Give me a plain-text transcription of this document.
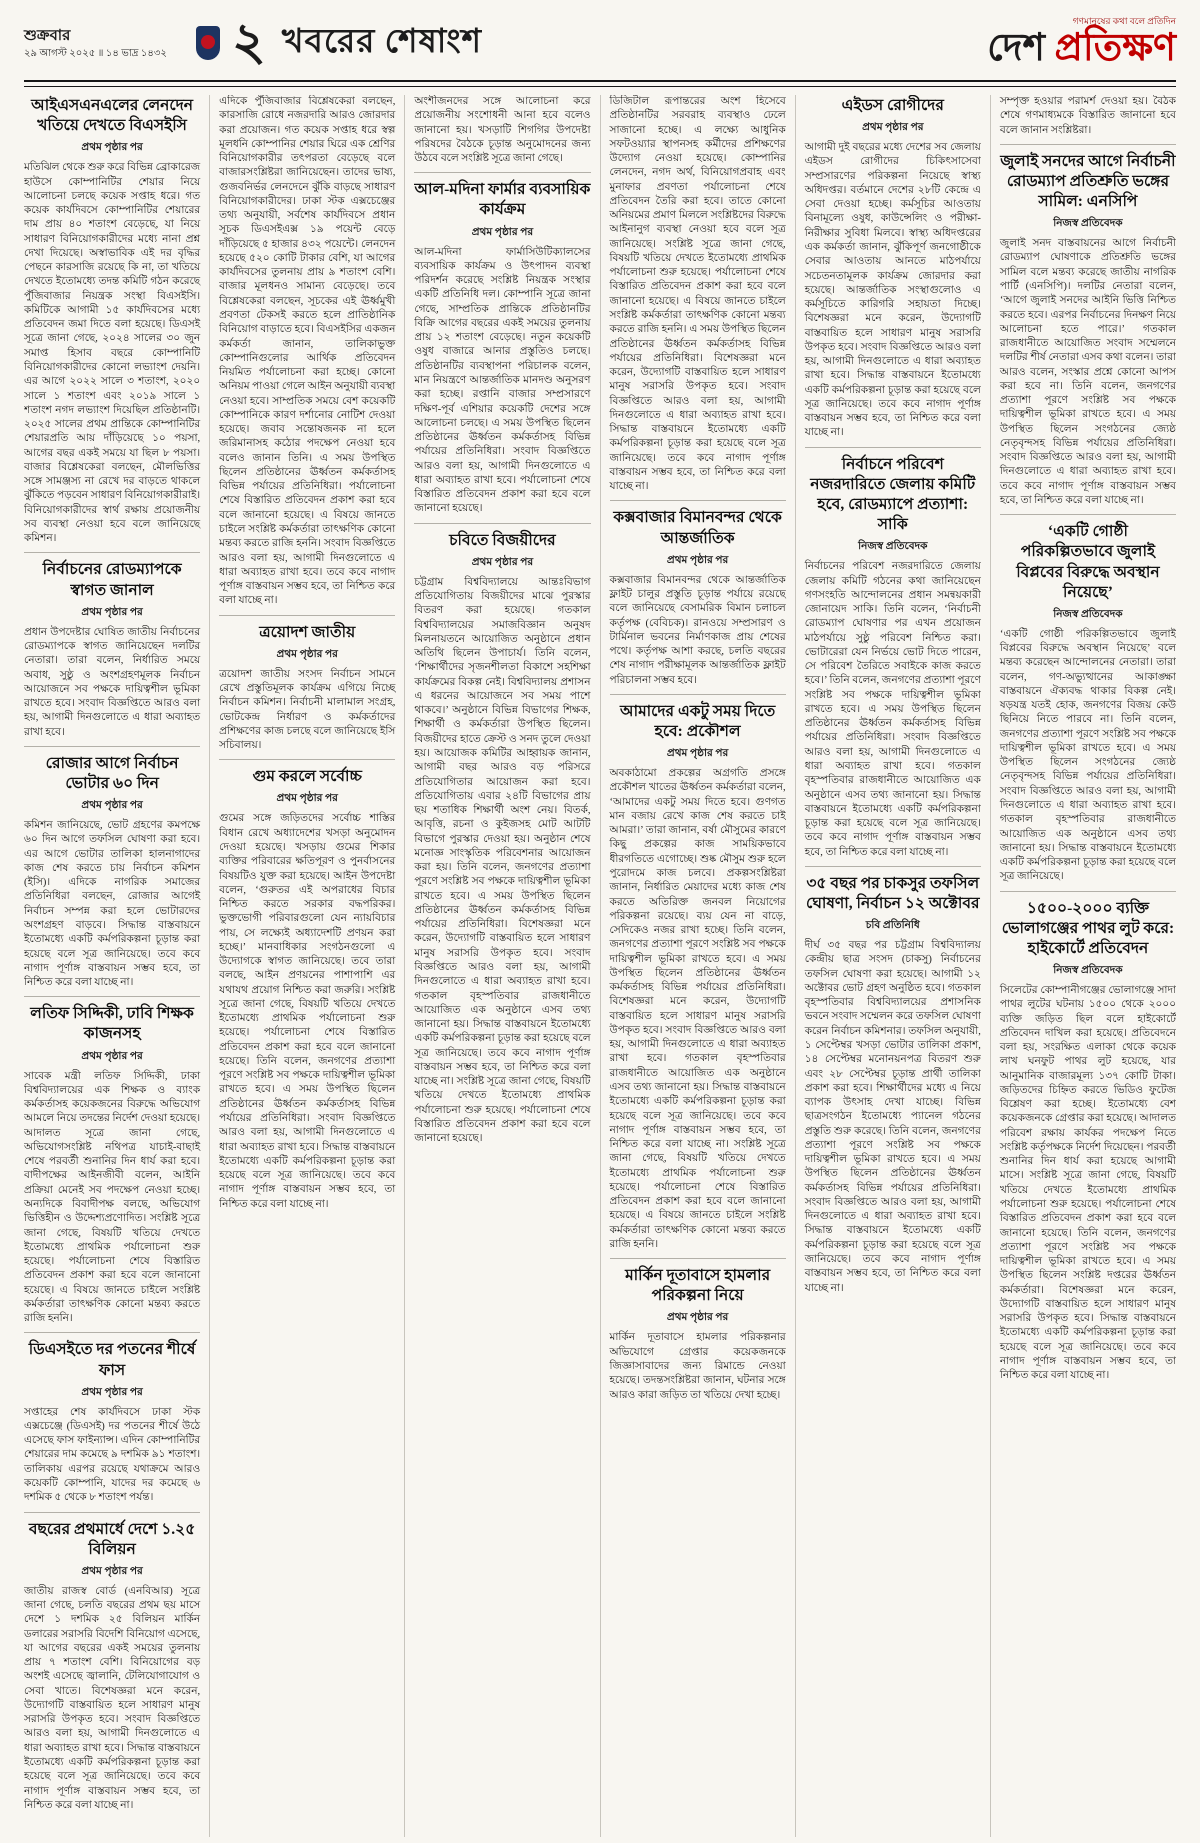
শুক্রবার
২৯ আগস্ট ২০২৫ ॥ ১৪ ভাদ্র ১৪৩২	২ খবরের শেষাংশ
গণমানুষের কথা বলে প্রতিদিন
দেশ প্রতিক্ষণ
আইএসএনএলের লেনদেন খতিয়ে দেখতে বিএসইসি
প্রথম পৃষ্ঠার পর

মতিঝিল থেকে শুরু করে বিভিন্ন ব্রোকারেজ হাউসে কোম্পানিটির শেয়ার নিয়ে আলোচনা চলছে কয়েক সপ্তাহ ধরে। গত কয়েক কার্যদিবসে কোম্পানিটির শেয়ারের দাম প্রায় ৪০ শতাংশ বেড়েছে, যা নিয়ে সাধারণ বিনিয়োগকারীদের মধ্যে নানা প্রশ্ন দেখা দিয়েছে। অস্বাভাবিক এই দর বৃদ্ধির পেছনে কারসাজি রয়েছে কি না, তা খতিয়ে দেখতে ইতোমধ্যে তদন্ত কমিটি গঠন করেছে পুঁজিবাজার নিয়ন্ত্রক সংস্থা বিএসইসি। কমিটিকে আগামী ১৫ কার্যদিবসের মধ্যে প্রতিবেদন জমা দিতে বলা হয়েছে। ডিএসই সূত্রে জানা গেছে, ২০২৪ সালের ৩০ জুন সমাপ্ত হিসাব বছরে কোম্পানিটি বিনিয়োগকারীদের কোনো লভ্যাংশ দেয়নি। এর আগে ২০২২ সালে ৩ শতাংশ, ২০২০ সালে ১ শতাংশ এবং ২০১৯ সালে ১ শতাংশ নগদ লভ্যাংশ দিয়েছিল প্রতিষ্ঠানটি। ২০২৫ সালের প্রথম প্রান্তিকে কোম্পানিটির শেয়ারপ্রতি আয় দাঁড়িয়েছে ১০ পয়সা, আগের বছর একই সময়ে যা ছিল ৮ পয়সা। বাজার বিশ্লেষকেরা বলছেন, মৌলভিত্তির সঙ্গে সামঞ্জস্য না রেখে দর বাড়তে থাকলে ঝুঁকিতে পড়বেন সাধারণ বিনিয়োগকারীরাই। বিনিয়োগকারীদের স্বার্থ রক্ষায় প্রয়োজনীয় সব ব্যবস্থা নেওয়া হবে বলে জানিয়েছে কমিশন।

নির্বাচনের রোডম্যাপকে স্বাগত জানাল
প্রথম পৃষ্ঠার পর

প্রধান উপদেষ্টার ঘোষিত জাতীয় নির্বাচনের রোডম্যাপকে স্বাগত জানিয়েছেন দলটির নেতারা। তারা বলেন, নির্ধারিত সময়ে অবাধ, সুষ্ঠু ও অংশগ্রহণমূলক নির্বাচন আয়োজনে সব পক্ষকে দায়িত্বশীল ভূমিকা রাখতে হবে। সংবাদ বিজ্ঞপ্তিতে আরও বলা হয়, আগামী দিনগুলোতে এ ধারা অব্যাহত রাখা হবে।

রোজার আগে নির্বাচন ভোটার ৬০ দিন
প্রথম পৃষ্ঠার পর

কমিশন জানিয়েছে, ভোট গ্রহণের কমপক্ষে ৬০ দিন আগে তফসিল ঘোষণা করা হবে। এর আগে ভোটার তালিকা হালনাগাদের কাজ শেষ করতে চায় নির্বাচন কমিশন (ইসি)। এদিকে নাগরিক সমাজের প্রতিনিধিরা বলছেন, রোজার আগেই নির্বাচন সম্পন্ন করা হলে ভোটারদের অংশগ্রহণ বাড়বে। সিদ্ধান্ত বাস্তবায়নে ইতোমধ্যে একটি কর্মপরিকল্পনা চূড়ান্ত করা হয়েছে বলে সূত্র জানিয়েছে। তবে কবে নাগাদ পূর্ণাঙ্গ বাস্তবায়ন সম্ভব হবে, তা নিশ্চিত করে বলা যাচ্ছে না।

লতিফ সিদ্দিকী, ঢাবি শিক্ষক কাজনসহ
প্রথম পৃষ্ঠার পর

সাবেক মন্ত্রী লতিফ সিদ্দিকী, ঢাকা বিশ্ববিদ্যালয়ের এক শিক্ষক ও ব্যাংক কর্মকর্তাসহ কয়েকজনের বিরুদ্ধে অভিযোগ আমলে নিয়ে তদন্তের নির্দেশ দেওয়া হয়েছে। আদালত সূত্রে জানা গেছে, অভিযোগসংশ্লিষ্ট নথিপত্র যাচাই-বাছাই শেষে পরবর্তী শুনানির দিন ধার্য করা হবে। বাদীপক্ষের আইনজীবী বলেন, আইনি প্রক্রিয়া মেনেই সব পদক্ষেপ নেওয়া হচ্ছে। অন্যদিকে বিবাদীপক্ষ বলছে, অভিযোগ ভিত্তিহীন ও উদ্দেশ্যপ্রণোদিত। সংশ্লিষ্ট সূত্রে জানা গেছে, বিষয়টি খতিয়ে দেখতে ইতোমধ্যে প্রাথমিক পর্যালোচনা শুরু হয়েছে। পর্যালোচনা শেষে বিস্তারিত প্রতিবেদন প্রকাশ করা হবে বলে জানানো হয়েছে। এ বিষয়ে জানতে চাইলে সংশ্লিষ্ট কর্মকর্তারা তাৎক্ষণিক কোনো মন্তব্য করতে রাজি হননি।

ডিএসইতে দর পতনের শীর্ষে ফাস
প্রথম পৃষ্ঠার পর

সপ্তাহের শেষ কার্যদিবসে ঢাকা স্টক এক্সচেঞ্জে (ডিএসই) দর পতনের শীর্ষে উঠে এসেছে ফাস ফাইন্যান্স। এদিন কোম্পানিটির শেয়ারের দাম কমেছে ৯ দশমিক ৯১ শতাংশ। তালিকায় এরপর রয়েছে যথাক্রমে আরও কয়েকটি কোম্পানি, যাদের দর কমেছে ৬ দশমিক ৫ থেকে ৮ শতাংশ পর্যন্ত।

বছরের প্রথমার্ধে দেশে ১.২৫ বিলিয়ন
প্রথম পৃষ্ঠার পর

জাতীয় রাজস্ব বোর্ড (এনবিআর) সূত্রে জানা গেছে, চলতি বছরের প্রথম ছয় মাসে দেশে ১ দশমিক ২৫ বিলিয়ন মার্কিন ডলারের সরাসরি বিদেশি বিনিয়োগ এসেছে, যা আগের বছরের একই সময়ের তুলনায় প্রায় ৭ শতাংশ বেশি। বিনিয়োগের বড় অংশই এসেছে জ্বালানি, টেলিযোগাযোগ ও সেবা খাতে। বিশেষজ্ঞরা মনে করেন, উদ্যোগটি বাস্তবায়িত হলে সাধারণ মানুষ সরাসরি উপকৃত হবে। সংবাদ বিজ্ঞপ্তিতে আরও বলা হয়, আগামী দিনগুলোতে এ ধারা অব্যাহত রাখা হবে। সিদ্ধান্ত বাস্তবায়নে ইতোমধ্যে একটি কর্মপরিকল্পনা চূড়ান্ত করা হয়েছে বলে সূত্র জানিয়েছে। তবে কবে নাগাদ পূর্ণাঙ্গ বাস্তবায়ন সম্ভব হবে, তা নিশ্চিত করে বলা যাচ্ছে না।

এদিকে পুঁজিবাজার বিশ্লেষকেরা বলছেন, কারসাজি রোধে নজরদারি আরও জোরদার করা প্রয়োজন। গত কয়েক সপ্তাহ ধরে স্বল্প মূলধনি কোম্পানির শেয়ার ঘিরে এক শ্রেণির বিনিয়োগকারীর তৎপরতা বেড়েছে বলে বাজারসংশ্লিষ্টরা জানিয়েছেন। তাদের ভাষ্য, গুজবনির্ভর লেনদেনে ঝুঁকি বাড়ছে সাধারণ বিনিয়োগকারীদের। ঢাকা স্টক এক্সচেঞ্জের তথ্য অনুযায়ী, সর্বশেষ কার্যদিবসে প্রধান সূচক ডিএসইএক্স ১৯ পয়েন্ট বেড়ে দাঁড়িয়েছে ৫ হাজার ৪৩২ পয়েন্টে। লেনদেন হয়েছে ৫২০ কোটি টাকার বেশি, যা আগের কার্যদিবসের তুলনায় প্রায় ৯ শতাংশ বেশি। বাজার মূলধনও সামান্য বেড়েছে। তবে বিশ্লেষকেরা বলছেন, সূচকের এই ঊর্ধ্বমুখী প্রবণতা টেকসই করতে হলে প্রাতিষ্ঠানিক বিনিয়োগ বাড়াতে হবে। বিএসইসির একজন কর্মকর্তা জানান, তালিকাভুক্ত কোম্পানিগুলোর আর্থিক প্রতিবেদন নিয়মিত পর্যালোচনা করা হচ্ছে। কোনো অনিয়ম পাওয়া গেলে আইন অনুযায়ী ব্যবস্থা নেওয়া হবে। সাম্প্রতিক সময়ে বেশ কয়েকটি কোম্পানিকে কারণ দর্শানোর নোটিশ দেওয়া হয়েছে। জবাব সন্তোষজনক না হলে জরিমানাসহ কঠোর পদক্ষেপ নেওয়া হবে বলেও জানান তিনি। এ সময় উপস্থিত ছিলেন প্রতিষ্ঠানের ঊর্ধ্বতন কর্মকর্তাসহ বিভিন্ন পর্যায়ের প্রতিনিধিরা। পর্যালোচনা শেষে বিস্তারিত প্রতিবেদন প্রকাশ করা হবে বলে জানানো হয়েছে। এ বিষয়ে জানতে চাইলে সংশ্লিষ্ট কর্মকর্তারা তাৎক্ষণিক কোনো মন্তব্য করতে রাজি হননি। সংবাদ বিজ্ঞপ্তিতে আরও বলা হয়, আগামী দিনগুলোতে এ ধারা অব্যাহত রাখা হবে। তবে কবে নাগাদ পূর্ণাঙ্গ বাস্তবায়ন সম্ভব হবে, তা নিশ্চিত করে বলা যাচ্ছে না।

ত্রয়োদশ জাতীয়
প্রথম পৃষ্ঠার পর

ত্রয়োদশ জাতীয় সংসদ নির্বাচন সামনে রেখে প্রস্তুতিমূলক কার্যক্রম এগিয়ে নিচ্ছে নির্বাচন কমিশন। নির্বাচনী মালামাল সংগ্রহ, ভোটকেন্দ্র নির্ধারণ ও কর্মকর্তাদের প্রশিক্ষণের কাজ চলছে বলে জানিয়েছে ইসি সচিবালয়।

গুম করলে সর্বোচ্চ
প্রথম পৃষ্ঠার পর

গুমের সঙ্গে জড়িতদের সর্বোচ্চ শাস্তির বিধান রেখে অধ্যাদেশের খসড়া অনুমোদন দেওয়া হয়েছে। খসড়ায় গুমের শিকার ব্যক্তির পরিবারের ক্ষতিপূরণ ও পুনর্বাসনের বিষয়টিও যুক্ত করা হয়েছে। আইন উপদেষ্টা বলেন, ‘গুরুতর এই অপরাধের বিচার নিশ্চিত করতে সরকার বদ্ধপরিকর। ভুক্তভোগী পরিবারগুলো যেন ন্যায়বিচার পায়, সে লক্ষ্যেই অধ্যাদেশটি প্রণয়ন করা হচ্ছে।’ মানবাধিকার সংগঠনগুলো এ উদ্যোগকে স্বাগত জানিয়েছে। তবে তারা বলছে, আইন প্রণয়নের পাশাপাশি এর যথাযথ প্রয়োগ নিশ্চিত করা জরুরি। সংশ্লিষ্ট সূত্রে জানা গেছে, বিষয়টি খতিয়ে দেখতে ইতোমধ্যে প্রাথমিক পর্যালোচনা শুরু হয়েছে। পর্যালোচনা শেষে বিস্তারিত প্রতিবেদন প্রকাশ করা হবে বলে জানানো হয়েছে। তিনি বলেন, জনগণের প্রত্যাশা পূরণে সংশ্লিষ্ট সব পক্ষকে দায়িত্বশীল ভূমিকা রাখতে হবে। এ সময় উপস্থিত ছিলেন প্রতিষ্ঠানের ঊর্ধ্বতন কর্মকর্তাসহ বিভিন্ন পর্যায়ের প্রতিনিধিরা। সংবাদ বিজ্ঞপ্তিতে আরও বলা হয়, আগামী দিনগুলোতে এ ধারা অব্যাহত রাখা হবে। সিদ্ধান্ত বাস্তবায়নে ইতোমধ্যে একটি কর্মপরিকল্পনা চূড়ান্ত করা হয়েছে বলে সূত্র জানিয়েছে। তবে কবে নাগাদ পূর্ণাঙ্গ বাস্তবায়ন সম্ভব হবে, তা নিশ্চিত করে বলা যাচ্ছে না।

অংশীজনদের সঙ্গে আলোচনা করে প্রয়োজনীয় সংশোধনী আনা হবে বলেও জানানো হয়। খসড়াটি শিগগির উপদেষ্টা পরিষদের বৈঠকে চূড়ান্ত অনুমোদনের জন্য উঠবে বলে সংশ্লিষ্ট সূত্রে জানা গেছে।

আল-মদিনা ফার্মার ব্যবসায়িক কার্যক্রম
প্রথম পৃষ্ঠার পর

আল-মদিনা ফার্মাসিউটিক্যালসের ব্যবসায়িক কার্যক্রম ও উৎপাদন ব্যবস্থা পরিদর্শন করেছে সংশ্লিষ্ট নিয়ন্ত্রক সংস্থার একটি প্রতিনিধি দল। কোম্পানি সূত্রে জানা গেছে, সাম্প্রতিক প্রান্তিকে প্রতিষ্ঠানটির বিক্রি আগের বছরের একই সময়ের তুলনায় প্রায় ১২ শতাংশ বেড়েছে। নতুন কয়েকটি ওষুধ বাজারে আনার প্রস্তুতিও চলছে। প্রতিষ্ঠানটির ব্যবস্থাপনা পরিচালক বলেন, মান নিয়ন্ত্রণে আন্তর্জাতিক মানদণ্ড অনুসরণ করা হচ্ছে। রপ্তানি বাজার সম্প্রসারণে দক্ষিণ-পূর্ব এশিয়ার কয়েকটি দেশের সঙ্গে আলোচনা চলছে। এ সময় উপস্থিত ছিলেন প্রতিষ্ঠানের ঊর্ধ্বতন কর্মকর্তাসহ বিভিন্ন পর্যায়ের প্রতিনিধিরা। সংবাদ বিজ্ঞপ্তিতে আরও বলা হয়, আগামী দিনগুলোতে এ ধারা অব্যাহত রাখা হবে। পর্যালোচনা শেষে বিস্তারিত প্রতিবেদন প্রকাশ করা হবে বলে জানানো হয়েছে।

চবিতে বিজয়ীদের
প্রথম পৃষ্ঠার পর

চট্টগ্রাম বিশ্ববিদ্যালয়ে আন্তঃবিভাগ প্রতিযোগিতায় বিজয়ীদের মাঝে পুরস্কার বিতরণ করা হয়েছে। গতকাল বিশ্ববিদ্যালয়ের সমাজবিজ্ঞান অনুষদ মিলনায়তনে আয়োজিত অনুষ্ঠানে প্রধান অতিথি ছিলেন উপাচার্য। তিনি বলেন, ‘শিক্ষার্থীদের সৃজনশীলতা বিকাশে সহশিক্ষা কার্যক্রমের বিকল্প নেই। বিশ্ববিদ্যালয় প্রশাসন এ ধরনের আয়োজনে সব সময় পাশে থাকবে।’ অনুষ্ঠানে বিভিন্ন বিভাগের শিক্ষক, শিক্ষার্থী ও কর্মকর্তারা উপস্থিত ছিলেন। বিজয়ীদের হাতে ক্রেস্ট ও সনদ তুলে দেওয়া হয়। আয়োজক কমিটির আহ্বায়ক জানান, আগামী বছর আরও বড় পরিসরে প্রতিযোগিতার আয়োজন করা হবে। প্রতিযোগিতায় এবার ২৪টি বিভাগের প্রায় ছয় শতাধিক শিক্ষার্থী অংশ নেয়। বিতর্ক, আবৃত্তি, রচনা ও কুইজসহ মোট আটটি বিভাগে পুরস্কার দেওয়া হয়। অনুষ্ঠান শেষে মনোজ্ঞ সাংস্কৃতিক পরিবেশনার আয়োজন করা হয়। তিনি বলেন, জনগণের প্রত্যাশা পূরণে সংশ্লিষ্ট সব পক্ষকে দায়িত্বশীল ভূমিকা রাখতে হবে। এ সময় উপস্থিত ছিলেন প্রতিষ্ঠানের ঊর্ধ্বতন কর্মকর্তাসহ বিভিন্ন পর্যায়ের প্রতিনিধিরা। বিশেষজ্ঞরা মনে করেন, উদ্যোগটি বাস্তবায়িত হলে সাধারণ মানুষ সরাসরি উপকৃত হবে। সংবাদ বিজ্ঞপ্তিতে আরও বলা হয়, আগামী দিনগুলোতে এ ধারা অব্যাহত রাখা হবে। গতকাল বৃহস্পতিবার রাজধানীতে আয়োজিত এক অনুষ্ঠানে এসব তথ্য জানানো হয়। সিদ্ধান্ত বাস্তবায়নে ইতোমধ্যে একটি কর্মপরিকল্পনা চূড়ান্ত করা হয়েছে বলে সূত্র জানিয়েছে। তবে কবে নাগাদ পূর্ণাঙ্গ বাস্তবায়ন সম্ভব হবে, তা নিশ্চিত করে বলা যাচ্ছে না। সংশ্লিষ্ট সূত্রে জানা গেছে, বিষয়টি খতিয়ে দেখতে ইতোমধ্যে প্রাথমিক পর্যালোচনা শুরু হয়েছে। পর্যালোচনা শেষে বিস্তারিত প্রতিবেদন প্রকাশ করা হবে বলে জানানো হয়েছে।

ডিজিটাল রূপান্তরের অংশ হিসেবে প্রতিষ্ঠানটির সরবরাহ ব্যবস্থাও ঢেলে সাজানো হচ্ছে। এ লক্ষ্যে আধুনিক সফটওয়্যার স্থাপনসহ কর্মীদের প্রশিক্ষণের উদ্যোগ নেওয়া হয়েছে। কোম্পানির লেনদেন, নগদ অর্থ, বিনিয়োগপ্রবাহ এবং মুনাফার প্রবণতা পর্যালোচনা শেষে প্রতিবেদন তৈরি করা হবে। তাতে কোনো অনিয়মের প্রমাণ মিললে সংশ্লিষ্টদের বিরুদ্ধে আইনানুগ ব্যবস্থা নেওয়া হবে বলে সূত্র জানিয়েছে। সংশ্লিষ্ট সূত্রে জানা গেছে, বিষয়টি খতিয়ে দেখতে ইতোমধ্যে প্রাথমিক পর্যালোচনা শুরু হয়েছে। পর্যালোচনা শেষে বিস্তারিত প্রতিবেদন প্রকাশ করা হবে বলে জানানো হয়েছে। এ বিষয়ে জানতে চাইলে সংশ্লিষ্ট কর্মকর্তারা তাৎক্ষণিক কোনো মন্তব্য করতে রাজি হননি। এ সময় উপস্থিত ছিলেন প্রতিষ্ঠানের ঊর্ধ্বতন কর্মকর্তাসহ বিভিন্ন পর্যায়ের প্রতিনিধিরা। বিশেষজ্ঞরা মনে করেন, উদ্যোগটি বাস্তবায়িত হলে সাধারণ মানুষ সরাসরি উপকৃত হবে। সংবাদ বিজ্ঞপ্তিতে আরও বলা হয়, আগামী দিনগুলোতে এ ধারা অব্যাহত রাখা হবে। সিদ্ধান্ত বাস্তবায়নে ইতোমধ্যে একটি কর্মপরিকল্পনা চূড়ান্ত করা হয়েছে বলে সূত্র জানিয়েছে। তবে কবে নাগাদ পূর্ণাঙ্গ বাস্তবায়ন সম্ভব হবে, তা নিশ্চিত করে বলা যাচ্ছে না।

কক্সবাজার বিমানবন্দর থেকে আন্তর্জাতিক
প্রথম পৃষ্ঠার পর

কক্সবাজার বিমানবন্দর থেকে আন্তর্জাতিক ফ্লাইট চালুর প্রস্তুতি চূড়ান্ত পর্যায়ে রয়েছে বলে জানিয়েছে বেসামরিক বিমান চলাচল কর্তৃপক্ষ (বেবিচক)। রানওয়ে সম্প্রসারণ ও টার্মিনাল ভবনের নির্মাণকাজ প্রায় শেষের পথে। কর্তৃপক্ষ আশা করছে, চলতি বছরের শেষ নাগাদ পরীক্ষামূলক আন্তর্জাতিক ফ্লাইট পরিচালনা সম্ভব হবে।

আমাদের একটু সময় দিতে হবে: প্রকৌশল
প্রথম পৃষ্ঠার পর

অবকাঠামো প্রকল্পের অগ্রগতি প্রসঙ্গে প্রকৌশল খাতের ঊর্ধ্বতন কর্মকর্তারা বলেন, ‘আমাদের একটু সময় দিতে হবে। গুণগত মান বজায় রেখে কাজ শেষ করতে চাই আমরা।’ তারা জানান, বর্ষা মৌসুমের কারণে কিছু প্রকল্পের কাজ সাময়িকভাবে ধীরগতিতে এগোচ্ছে। শুষ্ক মৌসুম শুরু হলে পুরোদমে কাজ চলবে। প্রকল্পসংশ্লিষ্টরা জানান, নির্ধারিত মেয়াদের মধ্যে কাজ শেষ করতে অতিরিক্ত জনবল নিয়োগের পরিকল্পনা রয়েছে। ব্যয় যেন না বাড়ে, সেদিকেও নজর রাখা হচ্ছে। তিনি বলেন, জনগণের প্রত্যাশা পূরণে সংশ্লিষ্ট সব পক্ষকে দায়িত্বশীল ভূমিকা রাখতে হবে। এ সময় উপস্থিত ছিলেন প্রতিষ্ঠানের ঊর্ধ্বতন কর্মকর্তাসহ বিভিন্ন পর্যায়ের প্রতিনিধিরা। বিশেষজ্ঞরা মনে করেন, উদ্যোগটি বাস্তবায়িত হলে সাধারণ মানুষ সরাসরি উপকৃত হবে। সংবাদ বিজ্ঞপ্তিতে আরও বলা হয়, আগামী দিনগুলোতে এ ধারা অব্যাহত রাখা হবে। গতকাল বৃহস্পতিবার রাজধানীতে আয়োজিত এক অনুষ্ঠানে এসব তথ্য জানানো হয়। সিদ্ধান্ত বাস্তবায়নে ইতোমধ্যে একটি কর্মপরিকল্পনা চূড়ান্ত করা হয়েছে বলে সূত্র জানিয়েছে। তবে কবে নাগাদ পূর্ণাঙ্গ বাস্তবায়ন সম্ভব হবে, তা নিশ্চিত করে বলা যাচ্ছে না। সংশ্লিষ্ট সূত্রে জানা গেছে, বিষয়টি খতিয়ে দেখতে ইতোমধ্যে প্রাথমিক পর্যালোচনা শুরু হয়েছে। পর্যালোচনা শেষে বিস্তারিত প্রতিবেদন প্রকাশ করা হবে বলে জানানো হয়েছে। এ বিষয়ে জানতে চাইলে সংশ্লিষ্ট কর্মকর্তারা তাৎক্ষণিক কোনো মন্তব্য করতে রাজি হননি।

মার্কিন দূতাবাসে হামলার পরিকল্পনা নিয়ে
প্রথম পৃষ্ঠার পর

মার্কিন দূতাবাসে হামলার পরিকল্পনার অভিযোগে গ্রেপ্তার কয়েকজনকে জিজ্ঞাসাবাদের জন্য রিমান্ডে নেওয়া হয়েছে। তদন্তসংশ্লিষ্টরা জানান, ঘটনার সঙ্গে আরও কারা জড়িত তা খতিয়ে দেখা হচ্ছে।

এইডস রোগীদের
প্রথম পৃষ্ঠার পর

আগামী দুই বছরের মধ্যে দেশের সব জেলায় এইডস রোগীদের চিকিৎসাসেবা সম্প্রসারণের পরিকল্পনা নিয়েছে স্বাস্থ্য অধিদপ্তর। বর্তমানে দেশের ২৮টি কেন্দ্রে এ সেবা দেওয়া হচ্ছে। কর্মসূচির আওতায় বিনামূল্যে ওষুধ, কাউন্সেলিং ও পরীক্ষা-নিরীক্ষার সুবিধা মিলবে। স্বাস্থ্য অধিদপ্তরের এক কর্মকর্তা জানান, ঝুঁকিপূর্ণ জনগোষ্ঠীকে সেবার আওতায় আনতে মাঠপর্যায়ে সচেতনতামূলক কার্যক্রম জোরদার করা হয়েছে। আন্তর্জাতিক সংস্থাগুলোও এ কর্মসূচিতে কারিগরি সহায়তা দিচ্ছে। বিশেষজ্ঞরা মনে করেন, উদ্যোগটি বাস্তবায়িত হলে সাধারণ মানুষ সরাসরি উপকৃত হবে। সংবাদ বিজ্ঞপ্তিতে আরও বলা হয়, আগামী দিনগুলোতে এ ধারা অব্যাহত রাখা হবে। সিদ্ধান্ত বাস্তবায়নে ইতোমধ্যে একটি কর্মপরিকল্পনা চূড়ান্ত করা হয়েছে বলে সূত্র জানিয়েছে। তবে কবে নাগাদ পূর্ণাঙ্গ বাস্তবায়ন সম্ভব হবে, তা নিশ্চিত করে বলা যাচ্ছে না।

নির্বাচনে পরিবেশ নজরদারিতে জেলায় কমিটি হবে, রোডম্যাপে প্রত্যাশা: সাকি
নিজস্ব প্রতিবেদক

নির্বাচনের পরিবেশ নজরদারিতে জেলায় জেলায় কমিটি গঠনের কথা জানিয়েছেন গণসংহতি আন্দোলনের প্রধান সমন্বয়কারী জোনায়েদ সাকি। তিনি বলেন, ‘নির্বাচনী রোডম্যাপ ঘোষণার পর এখন প্রয়োজন মাঠপর্যায়ে সুষ্ঠু পরিবেশ নিশ্চিত করা। ভোটারেরা যেন নির্ভয়ে ভোট দিতে পারেন, সে পরিবেশ তৈরিতে সবাইকে কাজ করতে হবে।’ তিনি বলেন, জনগণের প্রত্যাশা পূরণে সংশ্লিষ্ট সব পক্ষকে দায়িত্বশীল ভূমিকা রাখতে হবে। এ সময় উপস্থিত ছিলেন প্রতিষ্ঠানের ঊর্ধ্বতন কর্মকর্তাসহ বিভিন্ন পর্যায়ের প্রতিনিধিরা। সংবাদ বিজ্ঞপ্তিতে আরও বলা হয়, আগামী দিনগুলোতে এ ধারা অব্যাহত রাখা হবে। গতকাল বৃহস্পতিবার রাজধানীতে আয়োজিত এক অনুষ্ঠানে এসব তথ্য জানানো হয়। সিদ্ধান্ত বাস্তবায়নে ইতোমধ্যে একটি কর্মপরিকল্পনা চূড়ান্ত করা হয়েছে বলে সূত্র জানিয়েছে। তবে কবে নাগাদ পূর্ণাঙ্গ বাস্তবায়ন সম্ভব হবে, তা নিশ্চিত করে বলা যাচ্ছে না।

৩৫ বছর পর চাকসুর তফসিল ঘোষণা, নির্বাচন ১২ অক্টোবর
চবি প্রতিনিধি

দীর্ঘ ৩৫ বছর পর চট্টগ্রাম বিশ্ববিদ্যালয় কেন্দ্রীয় ছাত্র সংসদ (চাকসু) নির্বাচনের তফসিল ঘোষণা করা হয়েছে। আগামী ১২ অক্টোবর ভোট গ্রহণ অনুষ্ঠিত হবে। গতকাল বৃহস্পতিবার বিশ্ববিদ্যালয়ের প্রশাসনিক ভবনে সংবাদ সম্মেলন করে তফসিল ঘোষণা করেন নির্বাচন কমিশনার। তফসিল অনুযায়ী, ১ সেপ্টেম্বর খসড়া ভোটার তালিকা প্রকাশ, ১৪ সেপ্টেম্বর মনোনয়নপত্র বিতরণ শুরু এবং ২৮ সেপ্টেম্বর চূড়ান্ত প্রার্থী তালিকা প্রকাশ করা হবে। শিক্ষার্থীদের মধ্যে এ নিয়ে ব্যাপক উৎসাহ দেখা যাচ্ছে। বিভিন্ন ছাত্রসংগঠন ইতোমধ্যে প্যানেল গঠনের প্রস্তুতি শুরু করেছে। তিনি বলেন, জনগণের প্রত্যাশা পূরণে সংশ্লিষ্ট সব পক্ষকে দায়িত্বশীল ভূমিকা রাখতে হবে। এ সময় উপস্থিত ছিলেন প্রতিষ্ঠানের ঊর্ধ্বতন কর্মকর্তাসহ বিভিন্ন পর্যায়ের প্রতিনিধিরা। সংবাদ বিজ্ঞপ্তিতে আরও বলা হয়, আগামী দিনগুলোতে এ ধারা অব্যাহত রাখা হবে। সিদ্ধান্ত বাস্তবায়নে ইতোমধ্যে একটি কর্মপরিকল্পনা চূড়ান্ত করা হয়েছে বলে সূত্র জানিয়েছে। তবে কবে নাগাদ পূর্ণাঙ্গ বাস্তবায়ন সম্ভব হবে, তা নিশ্চিত করে বলা যাচ্ছে না।

সম্পৃক্ত হওয়ার পরামর্শ দেওয়া হয়। বৈঠক শেষে গণমাধ্যমকে বিস্তারিত জানানো হবে বলে জানান সংশ্লিষ্টরা।

জুলাই সনদের আগে নির্বাচনী রোডম্যাপ প্রতিশ্রুতি ভঙ্গের সামিল: এনসিপি
নিজস্ব প্রতিবেদক

জুলাই সনদ বাস্তবায়নের আগে নির্বাচনী রোডম্যাপ ঘোষণাকে প্রতিশ্রুতি ভঙ্গের সামিল বলে মন্তব্য করেছে জাতীয় নাগরিক পার্টি (এনসিপি)। দলটির নেতারা বলেন, ‘আগে জুলাই সনদের আইনি ভিত্তি নিশ্চিত করতে হবে। এরপর নির্বাচনের দিনক্ষণ নিয়ে আলোচনা হতে পারে।’ গতকাল রাজধানীতে আয়োজিত সংবাদ সম্মেলনে দলটির শীর্ষ নেতারা এসব কথা বলেন। তারা আরও বলেন, সংস্কার প্রশ্নে কোনো আপস করা হবে না। তিনি বলেন, জনগণের প্রত্যাশা পূরণে সংশ্লিষ্ট সব পক্ষকে দায়িত্বশীল ভূমিকা রাখতে হবে। এ সময় উপস্থিত ছিলেন সংগঠনের জ্যেষ্ঠ নেতৃবৃন্দসহ বিভিন্ন পর্যায়ের প্রতিনিধিরা। সংবাদ বিজ্ঞপ্তিতে আরও বলা হয়, আগামী দিনগুলোতে এ ধারা অব্যাহত রাখা হবে। তবে কবে নাগাদ পূর্ণাঙ্গ বাস্তবায়ন সম্ভব হবে, তা নিশ্চিত করে বলা যাচ্ছে না।

‘একটি গোষ্ঠী পরিকল্পিতভাবে জুলাই বিপ্লবের বিরুদ্ধে অবস্থান নিয়েছে’
নিজস্ব প্রতিবেদক

‘একটি গোষ্ঠী পরিকল্পিতভাবে জুলাই বিপ্লবের বিরুদ্ধে অবস্থান নিয়েছে’ বলে মন্তব্য করেছেন আন্দোলনের নেতারা। তারা বলেন, গণ-অভ্যুত্থানের আকাঙ্ক্ষা বাস্তবায়নে ঐক্যবদ্ধ থাকার বিকল্প নেই। ষড়যন্ত্র যতই হোক, জনগণের বিজয় কেউ ছিনিয়ে নিতে পারবে না। তিনি বলেন, জনগণের প্রত্যাশা পূরণে সংশ্লিষ্ট সব পক্ষকে দায়িত্বশীল ভূমিকা রাখতে হবে। এ সময় উপস্থিত ছিলেন সংগঠনের জ্যেষ্ঠ নেতৃবৃন্দসহ বিভিন্ন পর্যায়ের প্রতিনিধিরা। সংবাদ বিজ্ঞপ্তিতে আরও বলা হয়, আগামী দিনগুলোতে এ ধারা অব্যাহত রাখা হবে। গতকাল বৃহস্পতিবার রাজধানীতে আয়োজিত এক অনুষ্ঠানে এসব তথ্য জানানো হয়। সিদ্ধান্ত বাস্তবায়নে ইতোমধ্যে একটি কর্মপরিকল্পনা চূড়ান্ত করা হয়েছে বলে সূত্র জানিয়েছে।

১৫০০-২০০০ ব্যক্তি ভোলাগঞ্জের পাথর লুট করে: হাইকোর্টে প্রতিবেদন
নিজস্ব প্রতিবেদক

সিলেটের কোম্পানীগঞ্জের ভোলাগঞ্জে সাদা পাথর লুটের ঘটনায় ১৫০০ থেকে ২০০০ ব্যক্তি জড়িত ছিল বলে হাইকোর্টে প্রতিবেদন দাখিল করা হয়েছে। প্রতিবেদনে বলা হয়, সংরক্ষিত এলাকা থেকে কয়েক লাখ ঘনফুট পাথর লুট হয়েছে, যার আনুমানিক বাজারমূল্য ১৩৭ কোটি টাকা। জড়িতদের চিহ্নিত করতে ভিডিও ফুটেজ বিশ্লেষণ করা হচ্ছে। ইতোমধ্যে বেশ কয়েকজনকে গ্রেপ্তার করা হয়েছে। আদালত পরিবেশ রক্ষায় কার্যকর পদক্ষেপ নিতে সংশ্লিষ্ট কর্তৃপক্ষকে নির্দেশ দিয়েছেন। পরবর্তী শুনানির দিন ধার্য করা হয়েছে আগামী মাসে। সংশ্লিষ্ট সূত্রে জানা গেছে, বিষয়টি খতিয়ে দেখতে ইতোমধ্যে প্রাথমিক পর্যালোচনা শুরু হয়েছে। পর্যালোচনা শেষে বিস্তারিত প্রতিবেদন প্রকাশ করা হবে বলে জানানো হয়েছে। তিনি বলেন, জনগণের প্রত্যাশা পূরণে সংশ্লিষ্ট সব পক্ষকে দায়িত্বশীল ভূমিকা রাখতে হবে। এ সময় উপস্থিত ছিলেন সংশ্লিষ্ট দপ্তরের ঊর্ধ্বতন কর্মকর্তারা। বিশেষজ্ঞরা মনে করেন, উদ্যোগটি বাস্তবায়িত হলে সাধারণ মানুষ সরাসরি উপকৃত হবে। সিদ্ধান্ত বাস্তবায়নে ইতোমধ্যে একটি কর্মপরিকল্পনা চূড়ান্ত করা হয়েছে বলে সূত্র জানিয়েছে। তবে কবে নাগাদ পূর্ণাঙ্গ বাস্তবায়ন সম্ভব হবে, তা নিশ্চিত করে বলা যাচ্ছে না।
